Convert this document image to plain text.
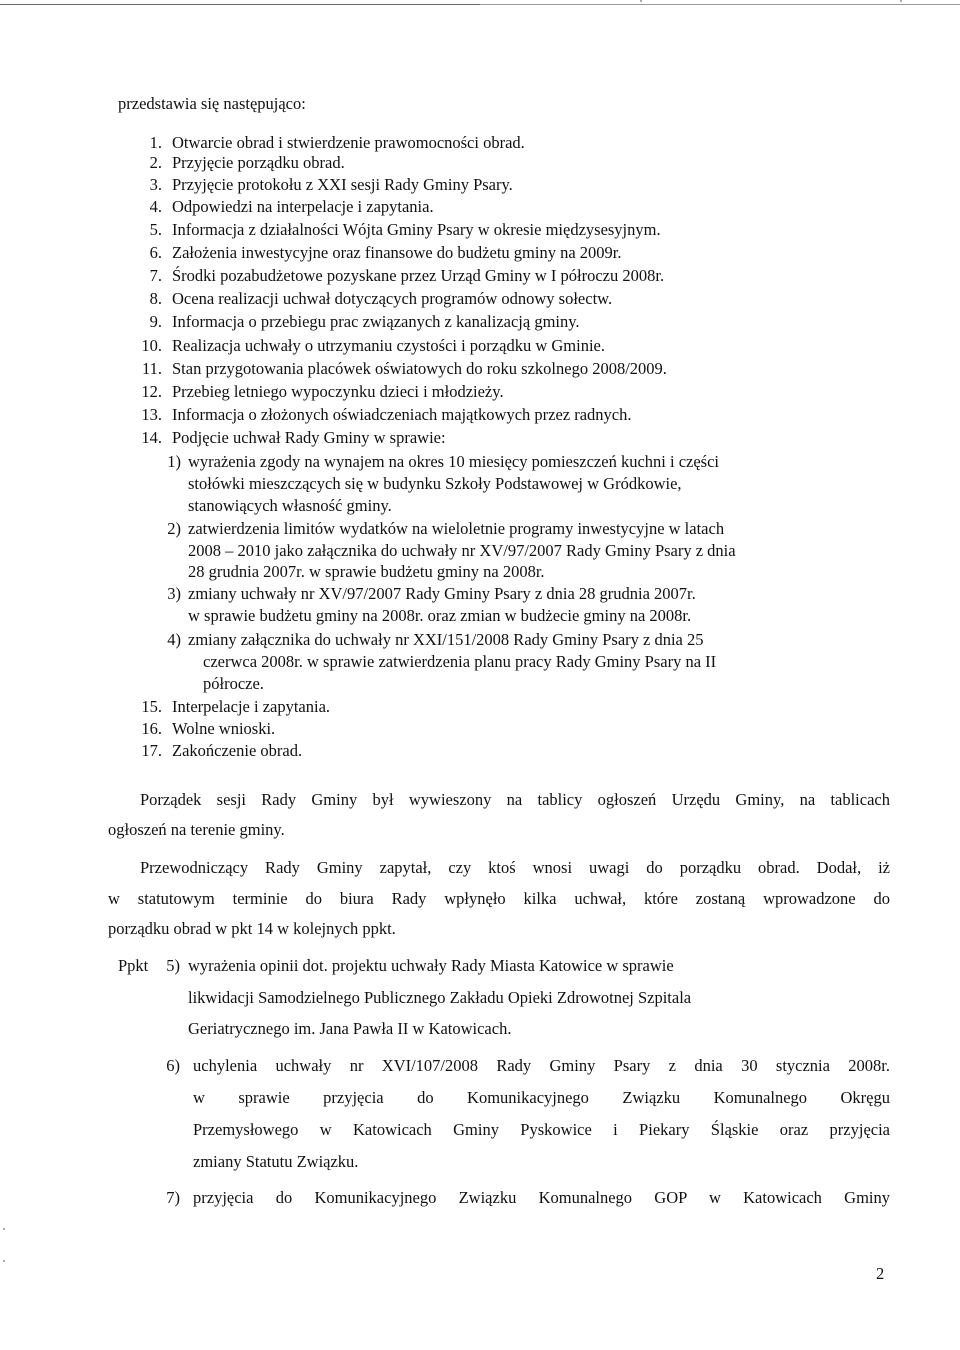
przedstawia się następująco:
1. Otwarcie obrad i stwierdzenie prawomocności obrad.
2. Przyjęcie porządku obrad.
3. Przyjęcie protokołu z XXI sesji Rady Gminy Psary.
4. Odpowiedzi na interpelacje i zapytania.
5. Informacja z działalności Wójta Gminy Psary w okresie międzysesyjnym.
6. Założenia inwestycyjne oraz finansowe do budżetu gminy na 2009r.
7. Środki pozabudżetowe pozyskane przez Urząd Gminy w I półroczu 2008r.
8. Ocena realizacji uchwał dotyczących programów odnowy sołectw.
9. Informacja o przebiegu prac związanych z kanalizacją gminy.
10. Realizacja uchwały o utrzymaniu czystości i porządku w Gminie.
11. Stan przygotowania placówek oświatowych do roku szkolnego 2008/2009.
12. Przebieg letniego wypoczynku dzieci i młodzieży.
13. Informacja o złożonych oświadczeniach majątkowych przez radnych.
14. Podjęcie uchwał Rady Gminy w sprawie:
1) wyrażenia zgody na wynajem na okres 10 miesięcy pomieszczeń kuchni i części
stołówki mieszczących się w budynku Szkoły Podstawowej w Gródkowie,
stanowiących własność gminy.
2) zatwierdzenia limitów wydatków na wieloletnie programy inwestycyjne w latach
2008 – 2010 jako załącznika do uchwały nr XV/97/2007 Rady Gminy Psary z dnia
28 grudnia 2007r. w sprawie budżetu gminy na 2008r.
3) zmiany uchwały nr XV/97/2007 Rady Gminy Psary z dnia 28 grudnia 2007r.
w sprawie budżetu gminy na 2008r. oraz zmian w budżecie gminy na 2008r.
4) zmiany załącznika do uchwały nr XXI/151/2008 Rady Gminy Psary z dnia 25
czerwca 2008r. w sprawie zatwierdzenia planu pracy Rady Gminy Psary na II
półrocze.
15. Interpelacje i zapytania.
16. Wolne wnioski.
17. Zakończenie obrad.
Porządek sesji Rady Gminy był wywieszony na tablicy ogłoszeń Urzędu Gminy, na tablicach
ogłoszeń na terenie gminy.
Przewodniczący Rady Gminy zapytał, czy ktoś wnosi uwagi do porządku obrad. Dodał, iż
w statutowym terminie do biura Rady wpłynęło kilka uchwał, które zostaną wprowadzone do
porządku obrad w pkt 14 w kolejnych ppkt.
Ppkt	5) wyrażenia opinii dot. projektu uchwały Rady Miasta Katowice w sprawie
likwidacji Samodzielnego Publicznego Zakładu Opieki Zdrowotnej Szpitala
Geriatrycznego im. Jana Pawła II w Katowicach.
6) uchylenia uchwały nr XVI/107/2008 Rady Gminy Psary z dnia 30 stycznia 2008r.
w sprawie przyjęcia do Komunikacyjnego Związku Komunalnego Okręgu
Przemysłowego w Katowicach Gminy Pyskowice i Piekary Śląskie oraz przyjęcia
zmiany Statutu Związku.
7) przyjęcia do Komunikacyjnego Związku Komunalnego GOP w Katowicach Gminy
2
